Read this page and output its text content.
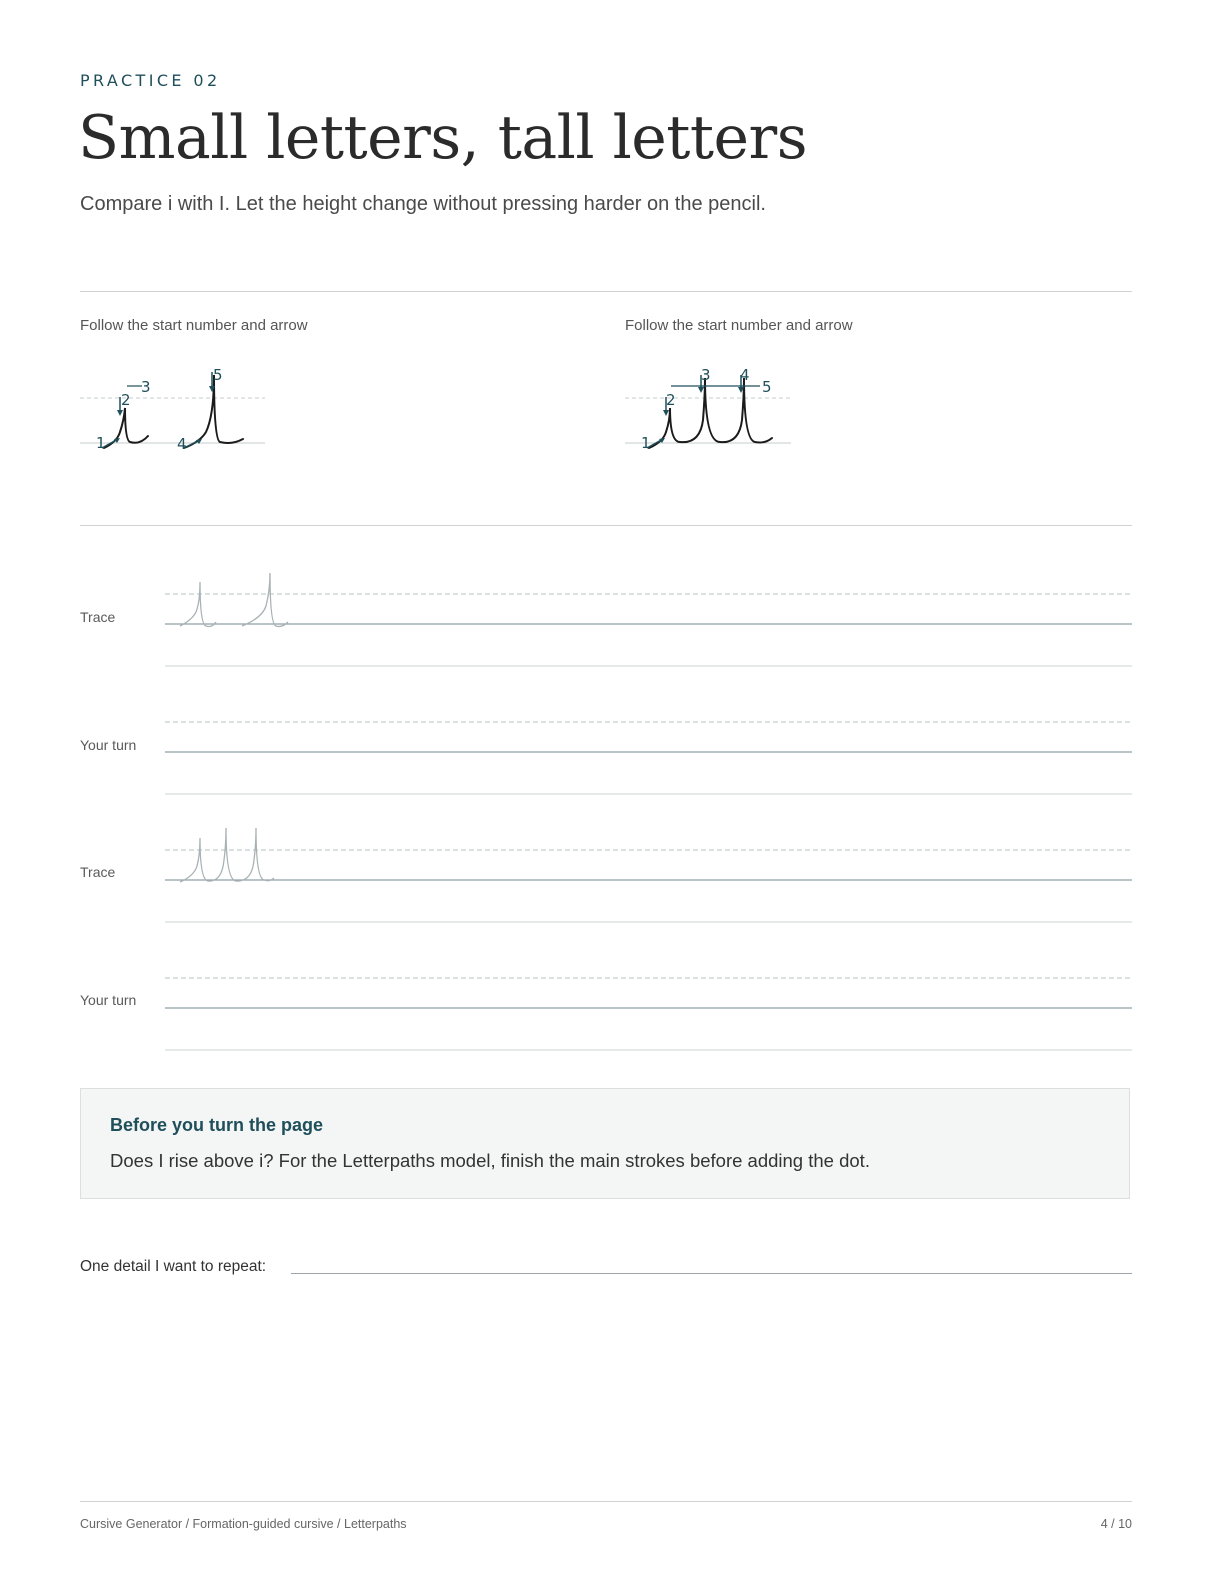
PRACTICE 02
Small letters, tall letters
Compare i with I. Let the height change without pressing harder on the pencil.
Follow the start number and arrow
1
2
3
4
5
Follow the start number and arrow
1
2
3 4
5
Trace
Your turn
Trace
Your turn
Before you turn the page
Does I rise above i? For the Letterpaths model, finish the main strokes before adding the dot.
One detail I want to repeat:
Cursive Generator / Formation-guided cursive / Letterpaths	4 / 10
